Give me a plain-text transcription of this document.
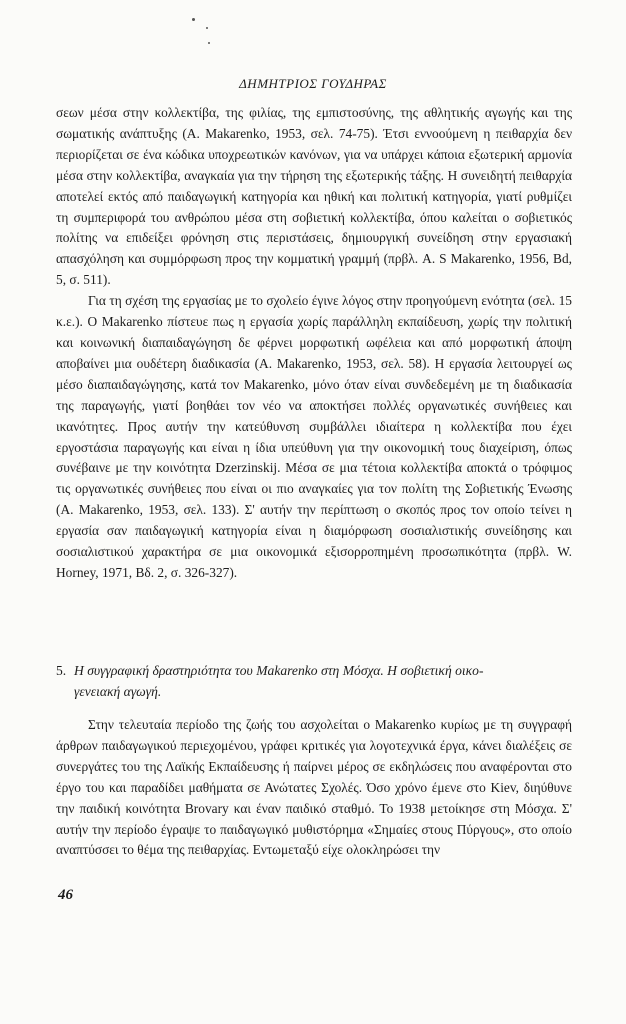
ΔΗΜΗΤΡΙΟΣ ΓΟΥΔΗΡΑΣ

σεων μέσα στην κολλεκτίβα, της φιλίας, της εμπιστοσύνης, της αθλητικής αγωγής και της σωματικής ανάπτυξης (A. Makarenko, 1953, σελ. 74-75). Έτσι εννοούμενη η πειθαρχία δεν περιορίζεται σε ένα κώδικα υποχρεωτικών κανόνων, για να υπάρχει κάποια εξωτερική αρμονία μέσα στην κολλεκτίβα, αναγκαία για την τήρηση της εξωτερικής τάξης. Η συνειδητή πειθαρχία αποτελεί εκτός από παιδαγωγική κατηγορία και ηθική και πολιτική κατηγορία, γιατί ρυθμίζει τη συμπεριφορά του ανθρώπου μέσα στη σοβιετική κολλεκτίβα, όπου καλείται ο σοβιετικός πολίτης να επιδείξει φρόνηση στις περιστάσεις, δημιουργική συνείδηση στην εργασιακή απασχόληση και συμμόρφωση προς την κομματική γραμμή (πρβλ. A. S Makarenko, 1956, Bd, 5, σ. 511).

Για τη σχέση της εργασίας με το σχολείο έγινε λόγος στην προηγούμενη ενότητα (σελ. 15 κ.ε.). Ο Makarenko πίστευε πως η εργασία χωρίς παράλληλη εκπαίδευση, χωρίς την πολιτική και κοινωνική διαπαιδαγώγηση δε φέρνει μορφωτική ωφέλεια και από μορφωτική άποψη αποβαίνει μια ουδέτερη διαδικασία (A. Makarenko, 1953, σελ. 58). Η εργασία λειτουργεί ως μέσο διαπαιδαγώγησης, κατά τον Makarenko, μόνο όταν είναι συνδεδεμένη με τη διαδικασία της παραγωγής, γιατί βοηθάει τον νέο να αποκτήσει πολλές οργανωτικές συνήθειες και ικανότητες. Προς αυτήν την κατεύθυνση συμβάλλει ιδιαίτερα η κολλεκτίβα που έχει εργοστάσια παραγωγής και είναι η ίδια υπεύθυνη για την οικονομική τους διαχείριση, όπως συνέβαινε με την κοινότητα Dzerzinskij. Μέσα σε μια τέτοια κολλεκτίβα αποκτά ο τρόφιμος τις οργανωτικές συνήθειες που είναι οι πιο αναγκαίες για τον πολίτη της Σοβιετικής Ένωσης (A. Makarenko, 1953, σελ. 133). Σ' αυτήν την περίπτωση ο σκοπός προς τον οποίο τείνει η εργασία σαν παιδαγωγική κατηγορία είναι η διαμόρφωση σοσιαλιστικής συνείδησης και σοσιαλιστικού χαρακτήρα σε μια οικονομικά εξισορροπημένη προσωπικότητα (πρβλ. W. Horney, 1971, Βδ. 2, σ. 326-327).

5. Η συγγραφική δραστηριότητα του Makarenko στη Μόσχα. Η σοβιετική οικο-
γενειακή αγωγή.

Στην τελευταία περίοδο της ζωής του ασχολείται ο Makarenko κυρίως με τη συγγραφή άρθρων παιδαγωγικού περιεχομένου, γράφει κριτικές για λογοτεχνικά έργα, κάνει διαλέξεις σε συνεργάτες του της Λαϊκής Εκπαίδευσης ή παίρνει μέρος σε εκδηλώσεις που αναφέρονται στο έργο του και παραδίδει μαθήματα σε Ανώτατες Σχολές. Όσο χρόνο έμενε στο Kiev, διηύθυνε την παιδική κοινότητα Brovary και έναν παιδικό σταθμό. Το 1938 μετοίκησε στη Μόσχα. Σ' αυτήν την περίοδο έγραψε το παιδαγωγικό μυθιστόρημα «Σημαίες στους Πύργους», στο οποίο αναπτύσσει το θέμα της πειθαρχίας. Εντωμεταξύ είχε ολοκληρώσει την

46
